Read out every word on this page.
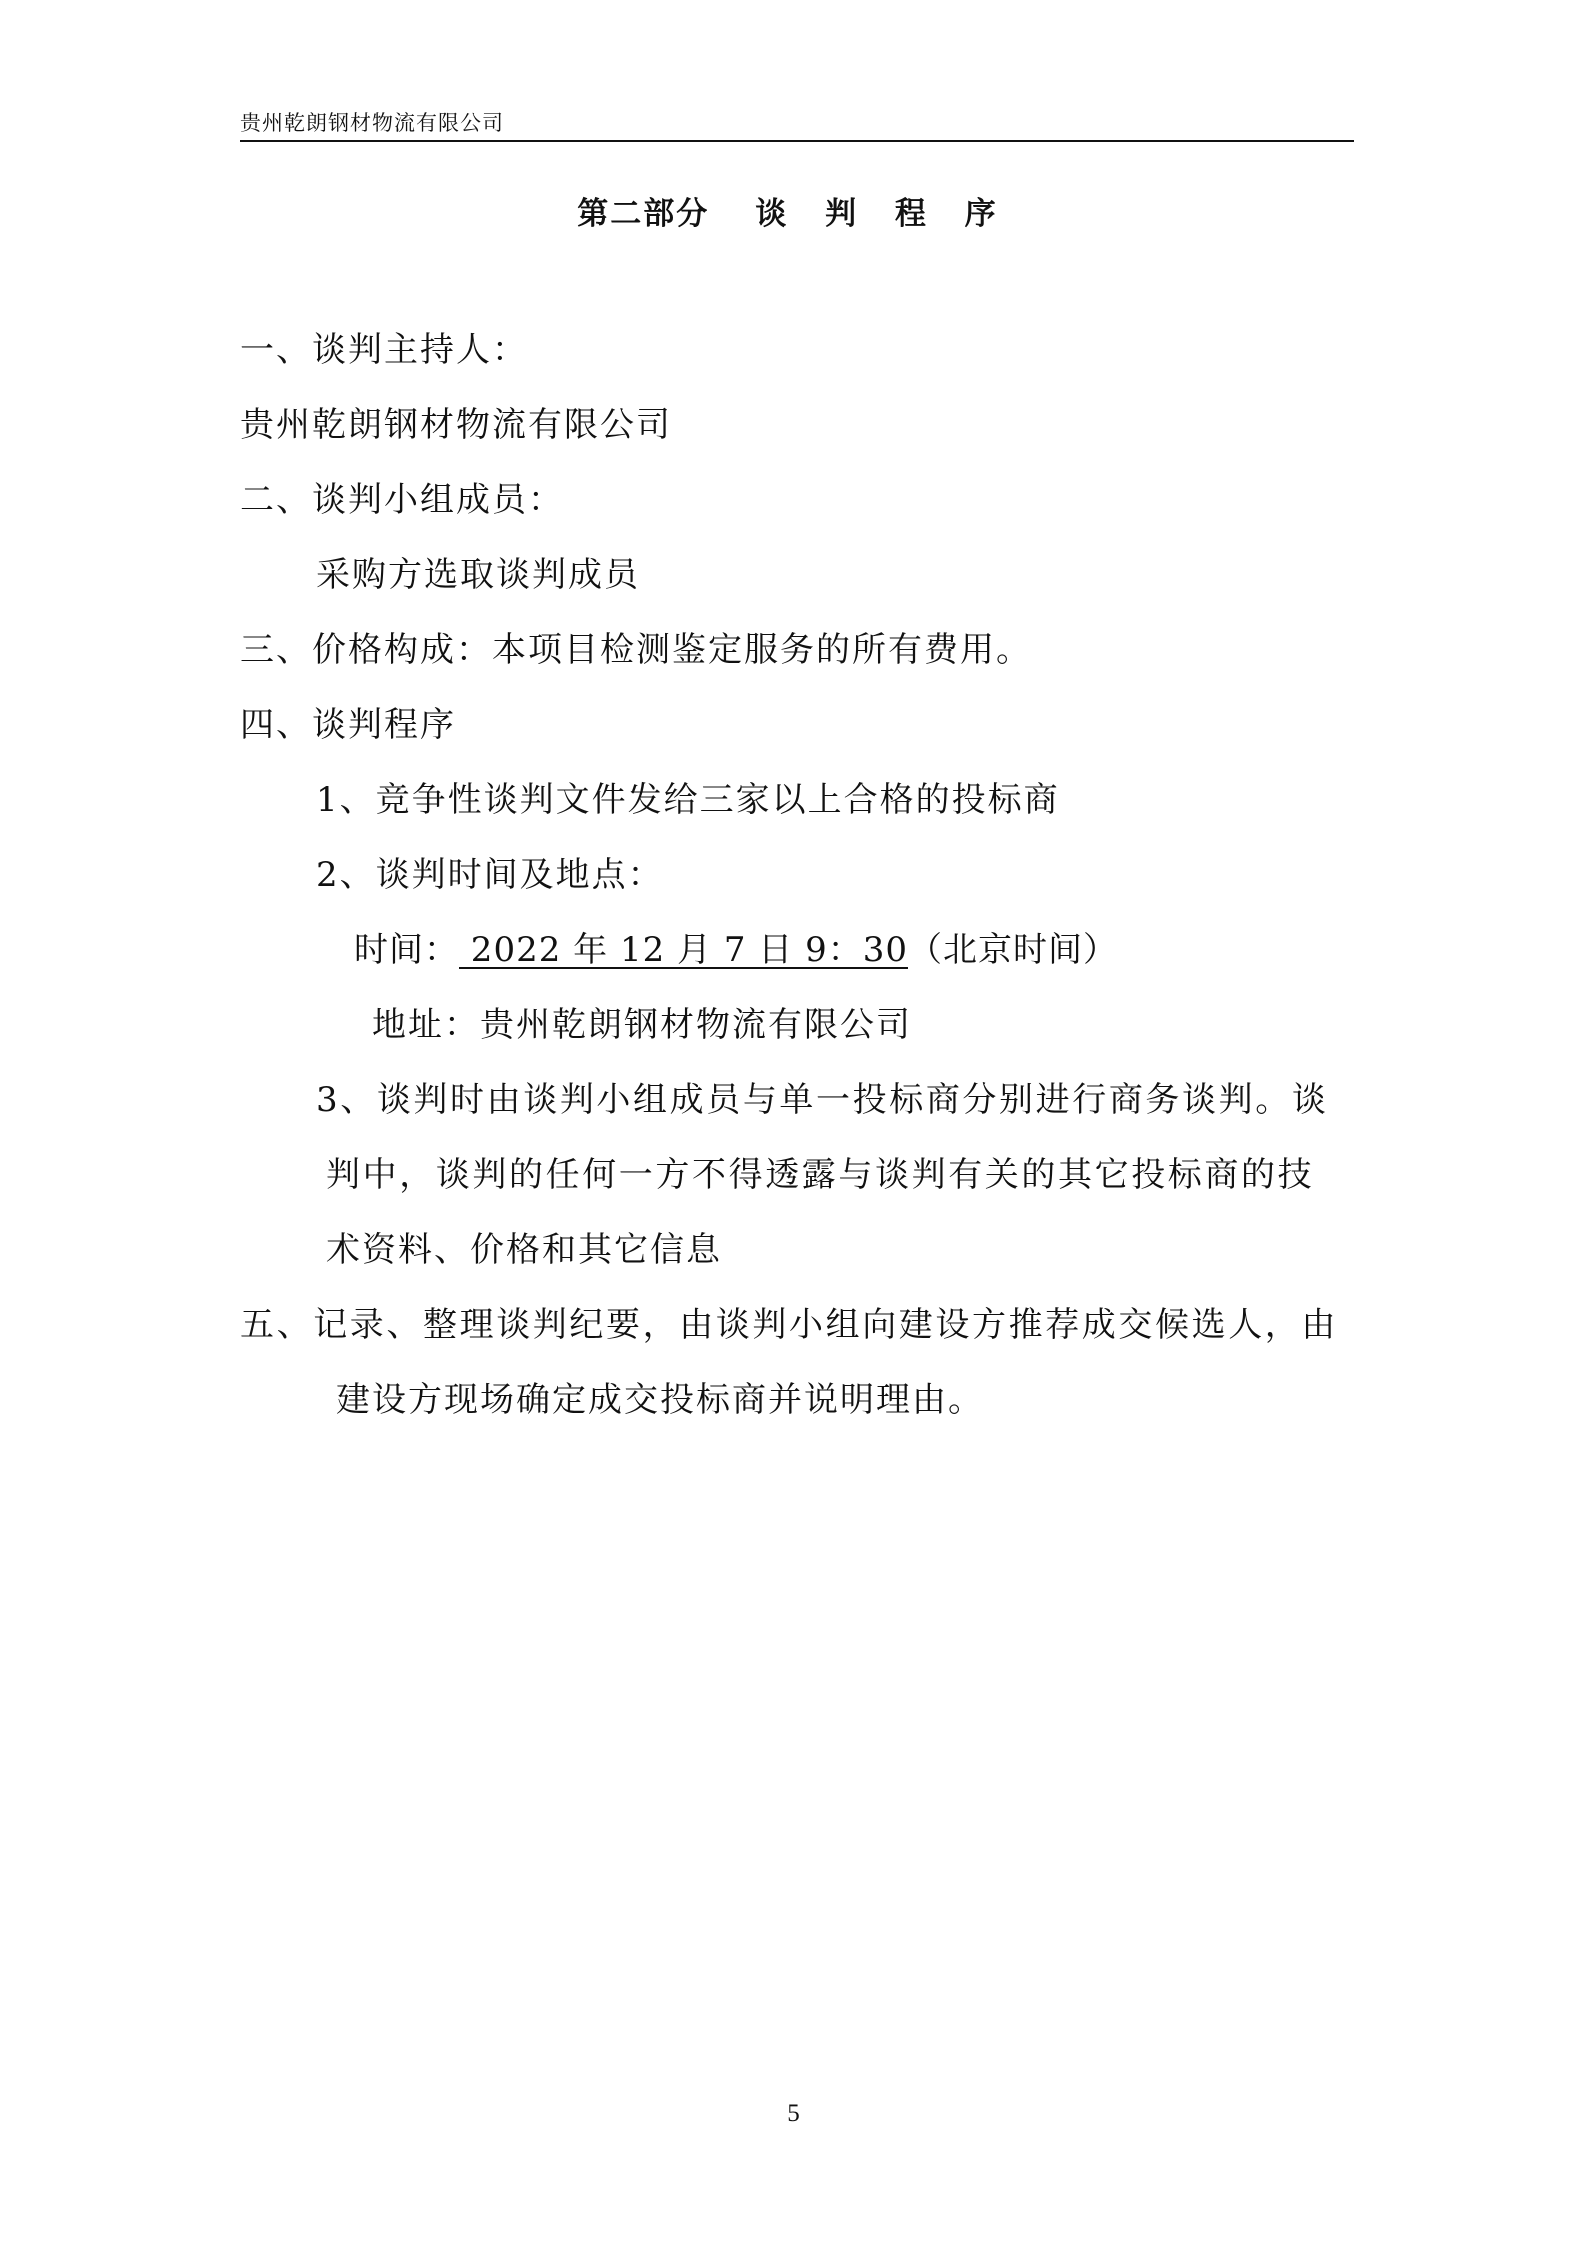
贵州乾朗钢材物流有限公司
第二部分 谈 判 程 序
一、谈判主持人：
贵州乾朗钢材物流有限公司
二、谈判小组成员：
采购方选取谈判成员
三、价格构成：本项目检测鉴定服务的所有费用。
四、谈判程序
1、竞争性谈判文件发给三家以上合格的投标商
2、谈判时间及地点：
时间： 2022 年 12 月 7 日 9：30（北京时间）
地址：贵州乾朗钢材物流有限公司
3、谈判时由谈判小组成员与单一投标商分别进行商务谈判。谈
判中，谈判的任何一方不得透露与谈判有关的其它投标商的技
术资料、价格和其它信息
五、记录、整理谈判纪要，由谈判小组向建设方推荐成交候选人，由
建设方现场确定成交投标商并说明理由。
5
